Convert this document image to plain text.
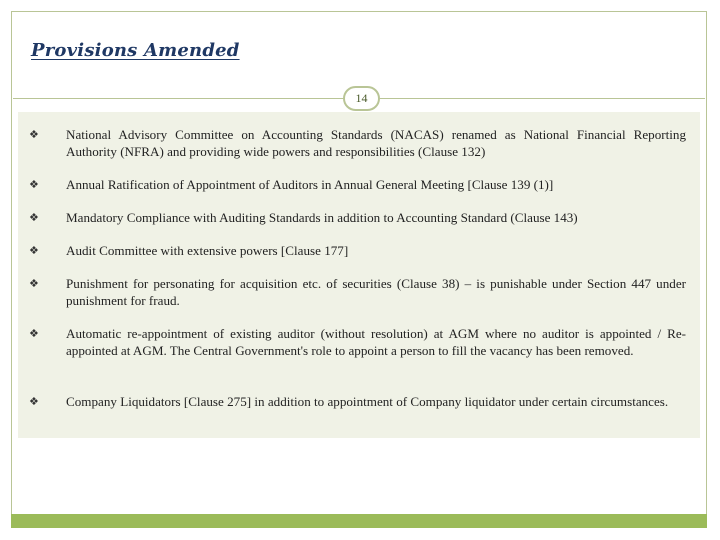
Provisions Amended
❖	National Advisory Committee on Accounting Standards (NACAS) renamed as National Financial Reporting Authority (NFRA) and providing wide powers and responsibilities (Clause 132)
❖	Annual Ratification of Appointment of Auditors in Annual General Meeting [Clause 139 (1)]
❖	Mandatory Compliance with Auditing Standards in addition to Accounting Standard (Clause 143)
❖	Audit Committee with extensive powers [Clause 177]
❖	Punishment for personating for acquisition etc. of securities (Clause 38) – is punishable under Section 447 under punishment for fraud.
❖	Automatic re-appointment of existing auditor (without resolution) at AGM where no auditor is appointed / Re-appointed at AGM. The Central Government's role to appoint a person to fill the vacancy has been removed.
❖	Company Liquidators [Clause 275] in addition to appointment of Company liquidator under certain circumstances.
14
